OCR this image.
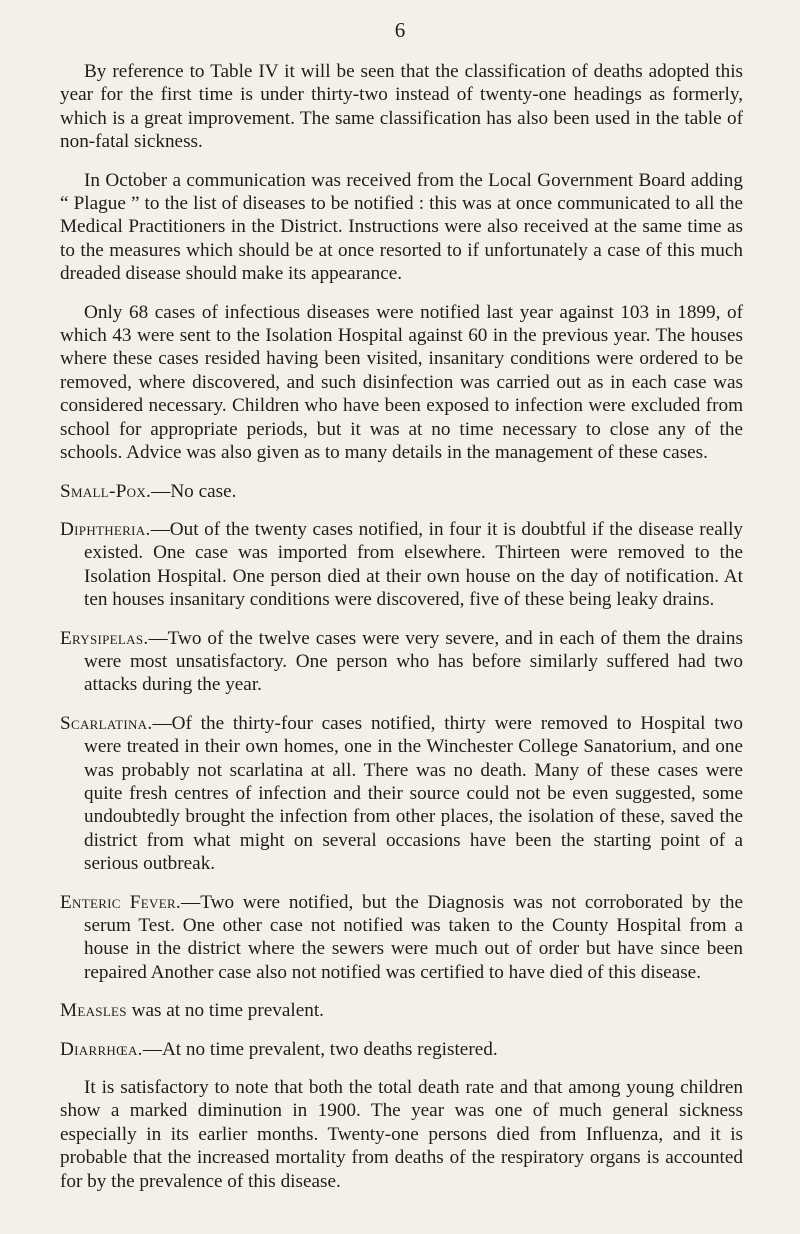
6

By reference to Table IV it will be seen that the classification of deaths adopted this year for the first time is under thirty-two instead of twenty-one headings as formerly, which is a great improvement. The same classification has also been used in the table of non-fatal sickness.

In October a communication was received from the Local Government Board adding “ Plague ” to the list of diseases to be notified : this was at once communicated to all the Medical Practitioners in the District. Instructions were also received at the same time as to the measures which should be at once resorted to if unfortunately a case of this much dreaded disease should make its appearance.

Only 68 cases of infectious diseases were notified last year against 103 in 1899, of which 43 were sent to the Isolation Hospital against 60 in the previous year. The houses where these cases resided having been visited, insanitary conditions were ordered to be removed, where discovered, and such disinfection was carried out as in each case was considered necessary. Children who have been exposed to infection were excluded from school for appropriate periods, but it was at no time necessary to close any of the schools. Advice was also given as to many details in the management of these cases.

Small-Pox.—No case.

Diphtheria.—Out of the twenty cases notified, in four it is doubtful if the disease really existed. One case was imported from elsewhere. Thirteen were removed to the Isolation Hospital. One person died at their own house on the day of notification. At ten houses insanitary conditions were discovered, five of these being leaky drains.

Erysipelas.—Two of the twelve cases were very severe, and in each of them the drains were most unsatisfactory. One person who has before similarly suffered had two attacks during the year.

Scarlatina.—Of the thirty-four cases notified, thirty were removed to Hospital two were treated in their own homes, one in the Winchester College Sanatorium, and one was probably not scarlatina at all. There was no death. Many of these cases were quite fresh centres of infection and their source could not be even suggested, some undoubtedly brought the infection from other places, the isolation of these, saved the district from what might on several occasions have been the starting point of a serious outbreak.

Enteric Fever.—Two were notified, but the Diagnosis was not corroborated by the serum Test. One other case not notified was taken to the County Hospital from a house in the district where the sewers were much out of order but have since been repaired Another case also not notified was certified to have died of this disease.

Measles was at no time prevalent.

Diarrhœa.—At no time prevalent, two deaths registered.

It is satisfactory to note that both the total death rate and that among young children show a marked diminution in 1900. The year was one of much general sickness especially in its earlier months. Twenty-one persons died from Influenza, and it is probable that the increased mortality from deaths of the respiratory organs is accounted for by the prevalence of this disease.
